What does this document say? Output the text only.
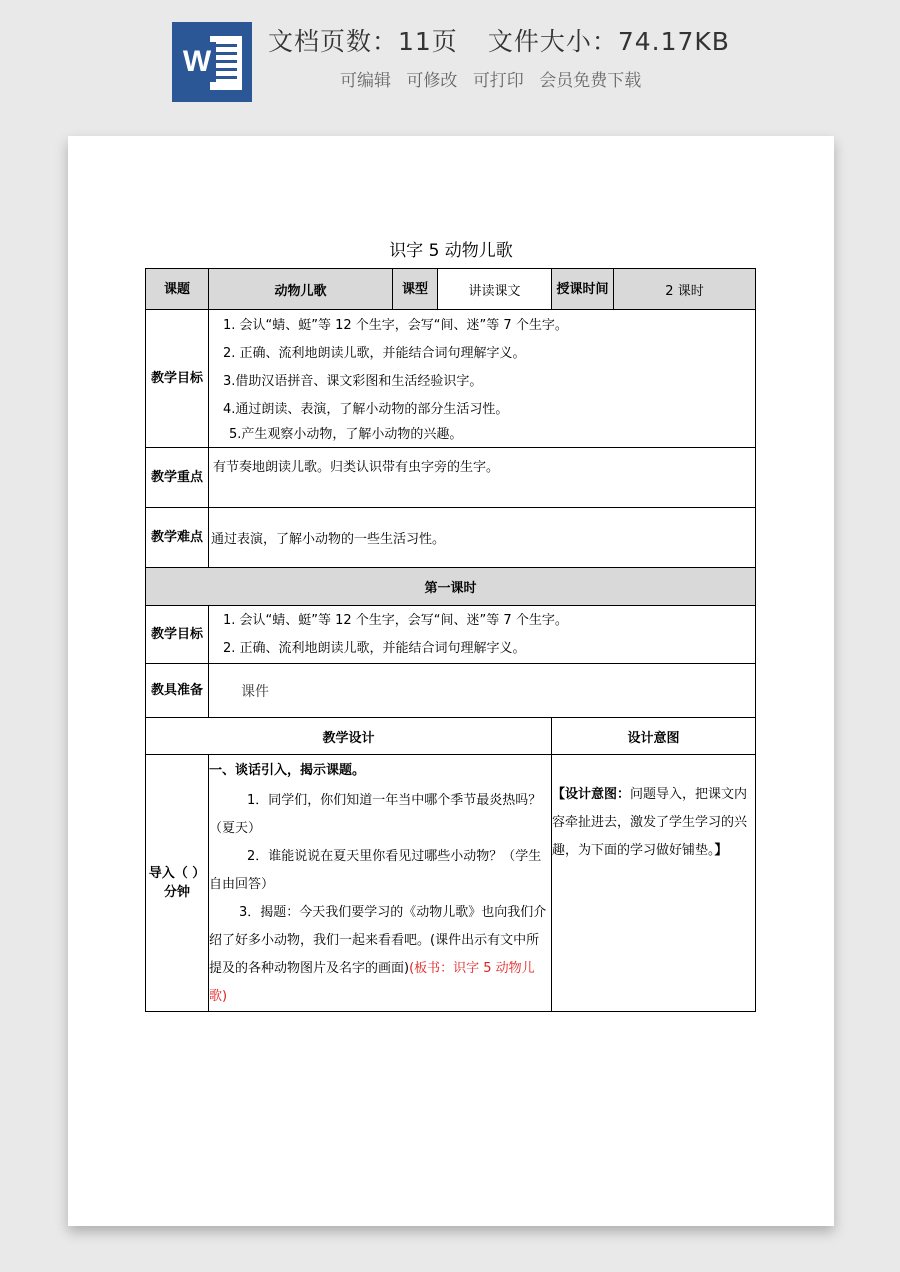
W
文档页数：11页 文件大小：74.17KB
可编辑 可修改 可打印 会员免费下载
识字 5 动物儿歌
课题	动物儿歌	课型	讲读课文	授课时间	2 课时
教学目标	1. 会认“蜻、蜓”等 12 个生字，会写“间、迷”等 7 个生字。
2. 正确、流利地朗读儿歌，并能结合词句理解字义。
3.借助汉语拼音、课文彩图和生活经验识字。
4.通过朗读、表演，了解小动物的部分生活习性。
5.产生观察小动物，了解小动物的兴趣。				

教学重点	有节奏地朗读儿歌。归类认识带有虫字旁的生字。				
教学难点	通过表演，了解小动物的一些生活习性。				
第一课时					
教学目标	1. 会认“蜻、蜓”等 12 个生字，会写“间、迷”等 7 个生字。
2. 正确、流利地朗读儿歌，并能结合词句理解字义。				

教具准备	课件				
教学设计				设计意图	
导入（ ）分钟	一、谈话引入，揭示课题。

1．同学们，你们知道一年当中哪个季节最炎热吗？（夏天）

2．谁能说说在夏天里你看见过哪些小动物？（学生自由回答）

3．揭题：今天我们要学习的《动物儿歌》也向我们介绍了好多小动物，我们一起来看看吧。(课件出示有文中所提及的各种动物图片及名字的画面)(板书：识字 5 动物儿歌)			【设计意图：问题导入，把课文内容牵扯进去，激发了学生学习的兴趣，为下面的学习做好铺垫。】	
